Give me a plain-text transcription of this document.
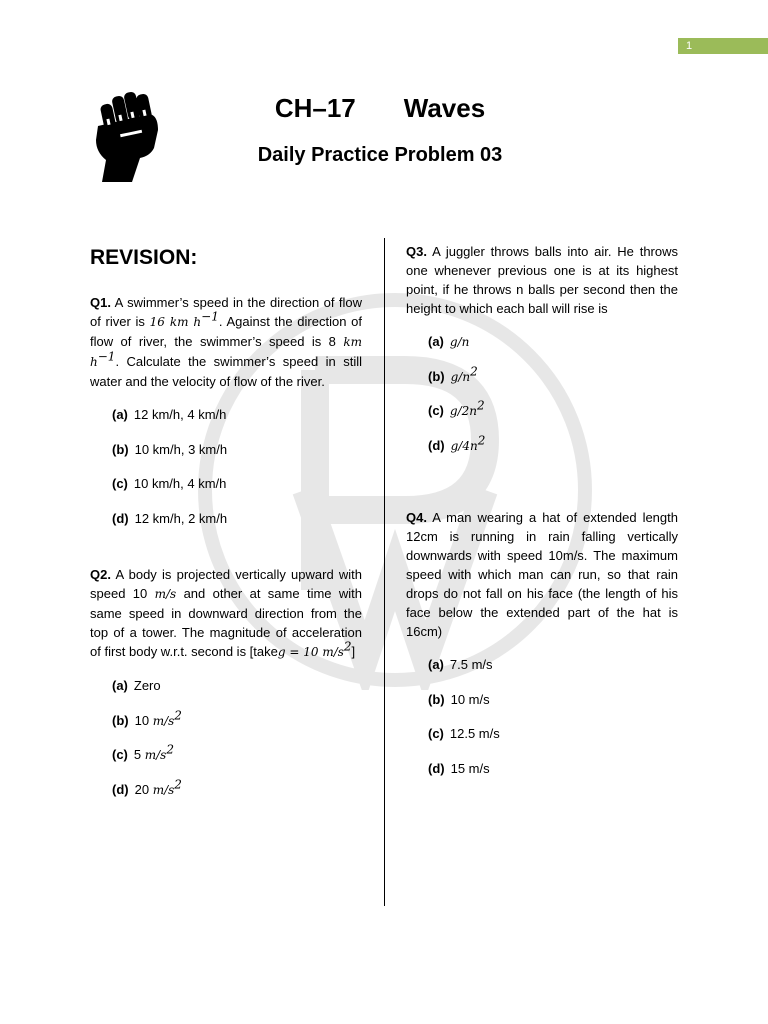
1
CH–17 Waves
Daily Practice Problem 03
REVISION:

Q1. A swimmer’s speed in the direction of flow of river is 16 km $h^{-1}$. Against the direction of flow of river, the swimmer’s speed is 8 km $h^{-1}$. Calculate the swimmer’s speed in still water and the velocity of flow of the river.

(a) 12 km/h, 4 km/h
(b) 10 km/h, 3 km/h
(c) 10 km/h, 4 km/h
(d) 12 km/h, 2 km/h

Q2. A body is projected vertically upward with speed 10 m/s and other at same time with same speed in downward direction from the top of a tower. The magnitude of acceleration of first body w.r.t. second is [takeg = 10 $m/s^2$]

(a) Zero
(b) 10 $m/s^2$
(c) 5 $m/s^2$
(d) 20 $m/s^2$

Q3. A juggler throws balls into air. He throws one whenever previous one is at its highest point, if he throws n balls per second then the height to which each ball will rise is

(a) g/n
(b) $g/n^2$
(c) $g/2n^2$
(d) $g/4n^2$

Q4. A man wearing a hat of extended length 12cm is running in rain falling vertically downwards with speed 10m/s. The maximum speed with which man can run, so that rain drops do not fall on his face (the length of his face below the extended part of the hat is 16cm)

(a) 7.5 m/s
(b) 10 m/s
(c) 12.5 m/s
(d) 15 m/s
